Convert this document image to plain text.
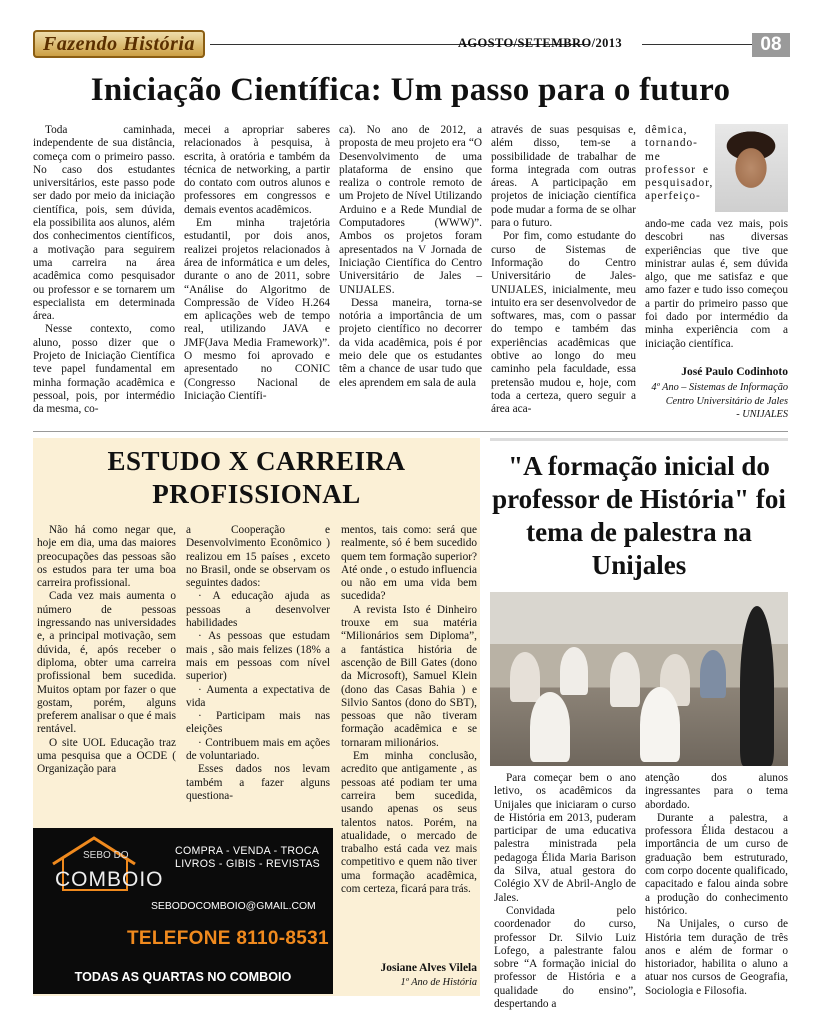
Fazendo História	AGOSTO/SETEMBRO/2013	08
Iniciação Científica: Um passo para o futuro

Toda caminhada, independente de sua distância, começa com o primeiro passo. No caso dos estudantes universitários, este passo pode ser dado por meio da iniciação científica, pois, sem dúvida, ela possibilita aos alunos, além dos conhecimentos científicos, a motivação para seguirem uma carreira na área acadêmica como pesquisador ou professor e se tornarem um especialista em determinada área.

Nesse contexto, como aluno, posso dizer que o Projeto de Iniciação Científica teve papel fundamental em minha formação acadêmica e pessoal, pois, por intermédio da mesma, co-

mecei a apropriar saberes relacionados à pesquisa, à escrita, à oratória e também da técnica de networking, a partir do contato com outros alunos e professores em congressos e demais eventos acadêmicos.

Em minha trajetória estudantil, por dois anos, realizei projetos relacionados à área de informática e um deles, durante o ano de 2011, sobre “Análise do Algoritmo de Compressão de Vídeo H.264 em aplicações web de tempo real, utilizando JAVA e JMF(Java Media Framework)”. O mesmo foi aprovado e apresentado no CONIC (Congresso Nacional de Iniciação Científi-

ca). No ano de 2012, a proposta de meu projeto era “O Desenvolvimento de uma plataforma de ensino que realiza o controle remoto de um Projeto de Nível Utilizando Arduino e a Rede Mundial de Computadores (WWW)”. Ambos os projetos foram apresentados na V Jornada de Iniciação Científica do Centro Universitário de Jales – UNIJALES.

Dessa maneira, torna-se notória a importância de um projeto científico no decorrer da vida acadêmica, pois é por meio dele que os estudantes têm a chance de usar tudo que eles aprendem em sala de aula

através de suas pesquisas e, além disso, tem-se a possibilidade de trabalhar de forma integrada com outras áreas. A participação em projetos de iniciação científica pode mudar a forma de se olhar para o futuro.

Por fim, como estudante do curso de Sistemas de Informação do Centro Universitário de Jales-UNIJALES, inicialmente, meu intuito era ser desenvolvedor de softwares, mas, com o passar do tempo e também das experiências acadêmicas que obtive ao longo do meu caminho pela faculdade, essa pretensão mudou e, hoje, com toda a certeza, quero seguir a área aca-

dêmica, tornando-me professor e pesquisador, aperfeiço-

ando-me cada vez mais, pois descobri nas diversas experiências que tive que ministrar aulas é, sem dúvida algo, que me satisfaz e que amo fazer e tudo isso começou a partir do primeiro passo que foi dado por intermédio da minha experiência com a iniciação científica.

José Paulo Codinhoto
4º Ano – Sistemas de Informação
Centro Universitário de Jales - UNIJALES
ESTUDO X CARREIRA
PROFISSIONAL

Não há como negar que, hoje em dia, uma das maiores preocupações das pessoas são os estudos para ter uma boa carreira profissional.

Cada vez mais aumenta o número de pessoas ingressando nas universidades e, a principal motivação, sem dúvida, é, após receber o diploma, obter uma carreira profissional bem sucedida. Muitos optam por fazer o que gostam, porém, alguns preferem analisar o que é mais rentável.

O site UOL Educação traz uma pesquisa que a OCDE ( Organização para

a Cooperação e Desenvolvimento Econômico ) realizou em 15 países , exceto no Brasil, onde se observam os seguintes dados:

· A educação ajuda as pessoas a desenvolver habilidades

· As pessoas que estudam mais , são mais felizes (18% a mais em pessoas com nível superior)

· Aumenta a expectativa de vida

· Participam mais nas eleições

· Contribuem mais em ações de voluntariado.

Esses dados nos levam também a fazer alguns questiona-

mentos, tais como: será que realmente, só é bem sucedido quem tem formação superior? Até onde , o estudo influencia ou não em uma vida bem sucedida?

A revista Isto é Dinheiro trouxe em sua matéria “Milionários sem Diploma”, a fantástica história de ascenção de Bill Gates (dono da Microsoft), Samuel Klein (dono das Casas Bahia ) e Silvio Santos (dono do SBT), pessoas que não tiveram formação acadêmica e se tornaram milionários.

Em minha conclusão, acredito que antigamente , as pessoas até podiam ter uma carreira bem sucedida, usando apenas os seus talentos natos. Porém, na atualidade, o mercado de trabalho está cada vez mais competitivo e quem não tiver uma formação acadêmica, com certeza, ficará para trás.

Josiane Alves Vilela
1º Ano de História
SEBO DO
COMBOIO
COMPRA - VENDA - TROCA
LIVROS - GIBIS - REVISTAS
SEBODOCOMBOIO@GMAIL.COM
TELEFONE 8110-8531
TODAS AS QUARTAS NO COMBOIO
"A formação inicial do professor de História" foi tema de palestra na Unijales

Para começar bem o ano letivo, os acadêmicos da Unijales que iniciaram o curso de História em 2013, puderam participar de uma educativa palestra ministrada pela pedagoga Élida Maria Barison da Silva, atual gestora do Colégio XV de Abril-Anglo de Jales.

Convidada pelo coordenador do curso, professor Dr. Silvio Luiz Lofego, a palestrante falou sobre “A formação inicial do professor de História e a qualidade do ensino”, despertando a

atenção dos alunos ingressantes para o tema abordado.

Durante a palestra, a professora Élida destacou a importância de um curso de graduação bem estruturado, com corpo docente qualificado, capacitado e falou ainda sobre a produção do conhecimento histórico.

Na Unijales, o curso de História tem duração de três anos e além de formar o historiador, habilita o aluno a atuar nos cursos de Geografia, Sociologia e Filosofia.
